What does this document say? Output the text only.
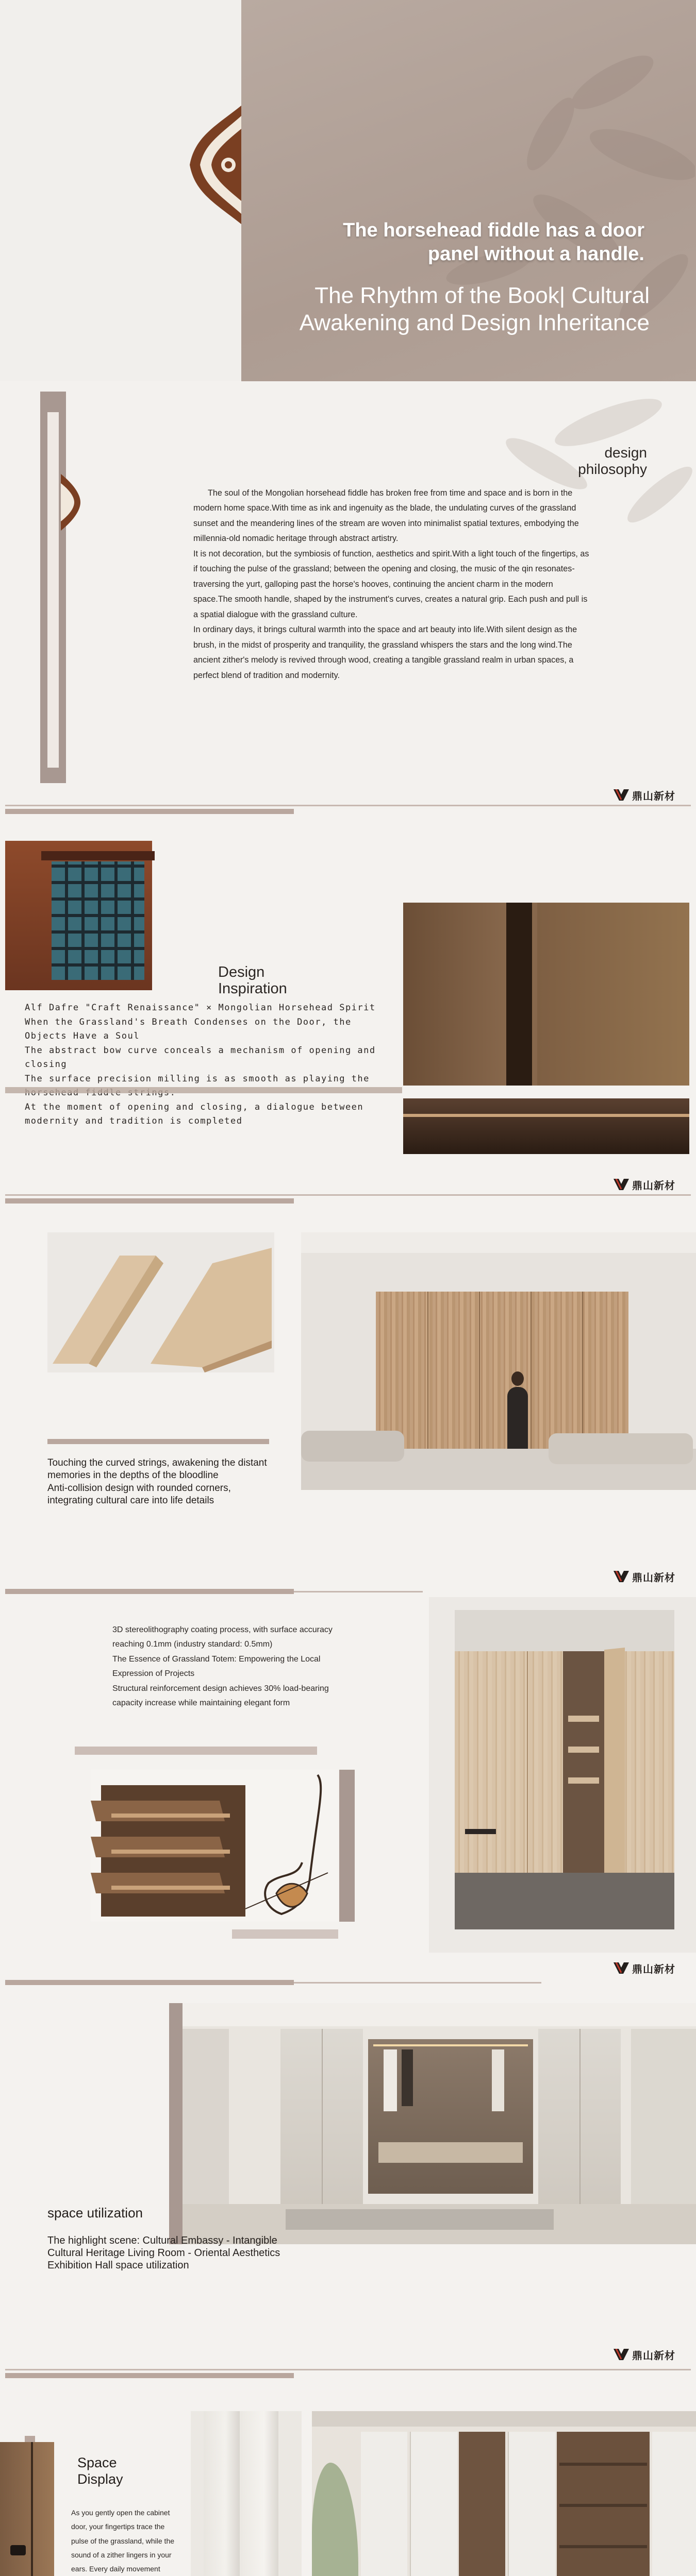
The horsehead fiddle has a door panel without a handle.
The Rhythm of the Book| Cultural Awakening and Design Inheritance
design philosophy

The soul of the Mongolian horsehead fiddle has broken free from time and space and is born in the modern home space.With time as ink and ingenuity as the blade, the undulating curves of the grassland sunset and the meandering lines of the stream are woven into minimalist spatial textures, embodying the millennia-old nomadic heritage through abstract artistry.
It is not decoration, but the symbiosis of function, aesthetics and spirit.With a light touch of the fingertips, as if touching the pulse of the grassland; between the opening and closing, the music of the qin resonates-traversing the yurt, galloping past the horse's hooves, continuing the ancient charm in the modern space.The smooth handle, shaped by the instrument's curves, creates a natural grip. Each push and pull is a spatial dialogue with the grassland culture.
In ordinary days, it brings cultural warmth into the space and art beauty into life.With silent design as the brush, in the midst of prosperity and tranquility, the grassland whispers the stars and the long wind.The ancient zither's melody is revived through wood, creating a tangible grassland realm in urban spaces, a perfect blend of tradition and modernity.

鼎山新材
Design Inspiration
Alf Dafre "Craft Renaissance" × Mongolian Horsehead Spirit
When the Grassland's Breath Condenses on the Door, the Objects Have a Soul
The abstract bow curve conceals a mechanism of opening and closing
The surface precision milling is as smooth as playing the
At the moment of opening and closing, a dialogue between modernity and tradition is completed
鼎山新材
Touching the curved strings, awakening the distant memories in the depths of the bloodline
Anti-collision design with rounded corners, integrating cultural care into life details
鼎山新材
3D stereolithography coating process, with surface accuracy reaching 0.1mm (industry standard: 0.5mm)
The Essence of Grassland Totem: Empowering the Local Expression of Projects
Structural reinforcement design achieves 30% load-bearing capacity increase while maintaining elegant form
鼎山新材
space utilization

The highlight scene: Cultural Embassy - Intangible Cultural Heritage Living Room - Oriental Aesthetics Exhibition Hall space utilization

鼎山新材
Space Display

As you gently open the cabinet door, your fingertips trace the pulse of the grassland, while the sound of a zither lingers in your ears. Every daily movement
